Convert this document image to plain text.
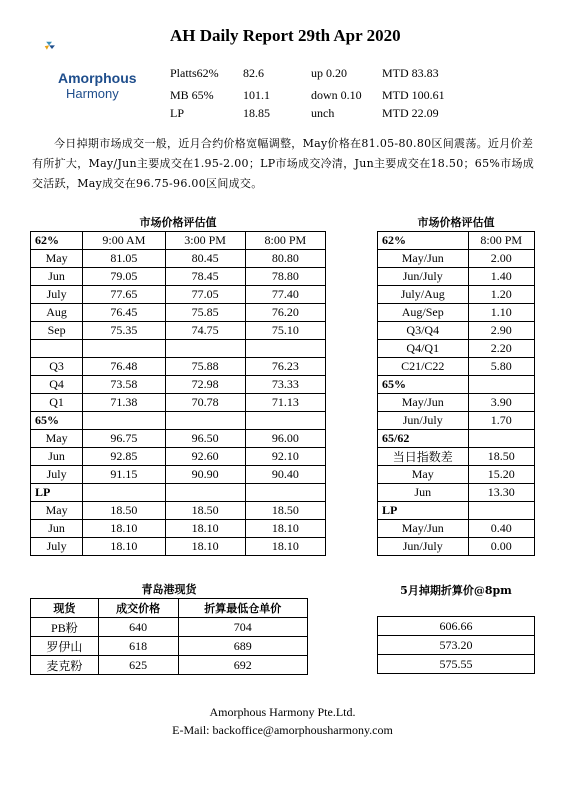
AH Daily Report 29th Apr 2020
Amorphous
Harmony
Platts62% 82.6	up 0.20	MTD 83.83
MB 65% 101.1	down 0.10 MTD 100.61
LP	18.85	unch	MTD 22.09
今日掉期市场成交一般，近月合约价格宽幅调整，May价格在81.05-80.80区间震荡。近月价差有所扩大，May/Jun主要成交在1.95-2.00；LP市场成交冷清，Jun主要成交在18.50；65%市场成交活跃，May成交在96.75-96.00区间成交。
市场价格评估值	市场价格评估值
62%	9:00 AM	3:00 PM	8:00 PM
May	81.05	80.45	80.80
Jun	79.05	78.45	78.80
July	77.65	77.05	77.40
Aug	76.45	75.85	76.20
Sep	75.35	74.75	75.10

Q3	76.48	75.88	76.23
Q4	73.58	72.98	73.33
Q1	71.38	70.78	71.13
65%			
May	96.75	96.50	96.00
Jun	92.85	92.60	92.10
July	91.15	90.90	90.40
LP			
May	18.50	18.50	18.50
Jun	18.10	18.10	18.10
July	18.10	18.10	18.10
62%	8:00 PM
May/Jun	2.00
Jun/July	1.40
July/Aug	1.20
Aug/Sep	1.10
Q3/Q4	2.90
Q4/Q1	2.20
C21/C22	5.80
65%	
May/Jun	3.90
Jun/July	1.70
65/62	
当日指数差	18.50
May	15.20
Jun	13.30
LP	
May/Jun	0.40
Jun/July	0.00
青岛港现货
现货	成交价格	折算最低仓单价
PB粉	640	704
罗伊山	618	689
麦克粉	625	692
5月掉期折算价@8pm
606.66
573.20
575.55
Amorphous Harmony Pte.Ltd.
E-Mail: backoffice@amorphousharmony.com
